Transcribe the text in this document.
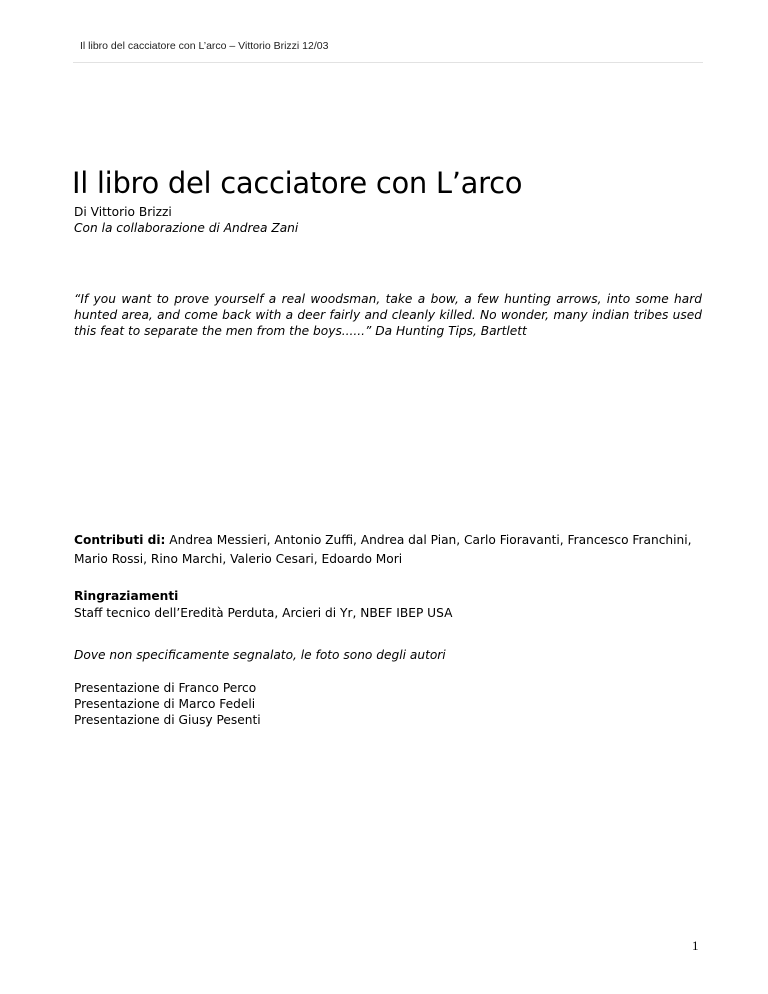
Il libro del cacciatore con L’arco – Vittorio Brizzi 12/03
Il libro del cacciatore con L’arco
Di Vittorio Brizzi
Con la collaborazione di Andrea Zani
“If you want to prove yourself a real woodsman, take a bow, a few hunting arrows, into some hard hunted area, and come back with a deer fairly and cleanly killed. No wonder, many indian tribes used this feat to separate the men from the boys......” Da Hunting Tips, Bartlett
Contributi di: Andrea Messieri, Antonio Zuffi, Andrea dal Pian, Carlo Fioravanti, Francesco Franchini, Mario Rossi, Rino Marchi, Valerio Cesari, Edoardo Mori
Ringraziamenti
Staff tecnico dell’Eredità Perduta, Arcieri di Yr, NBEF IBEP USA
Dove non specificamente segnalato, le foto sono degli autori
Presentazione di Franco Perco
Presentazione di Marco Fedeli
Presentazione di Giusy Pesenti
1
